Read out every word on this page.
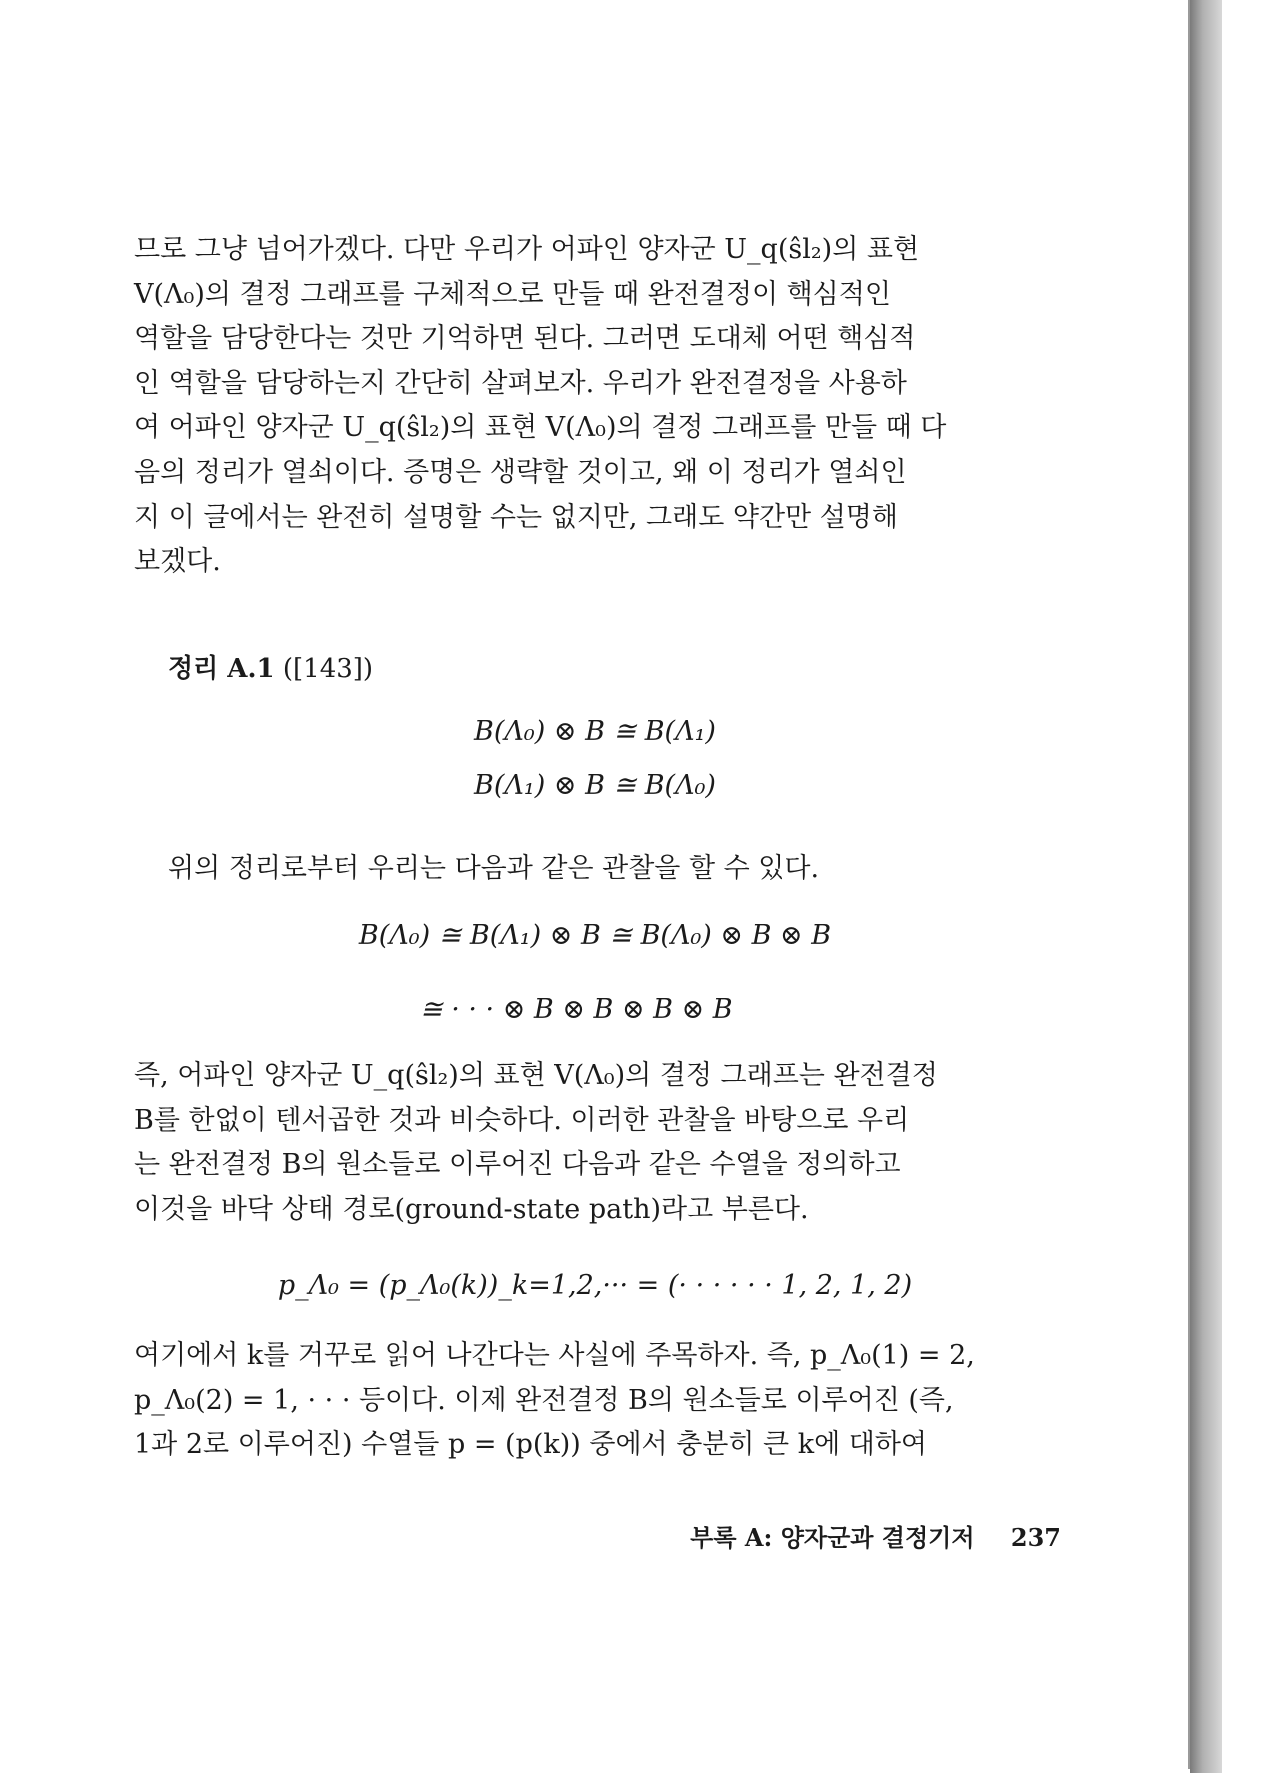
므로 그냥 넘어가겠다. 다만 우리가 어파인 양자군 U_q(ŝl₂)의 표현

V(Λ₀)의 결정 그래프를 구체적으로 만들 때 완전결정이 핵심적인

역할을 담당한다는 것만 기억하면 된다. 그러면 도대체 어떤 핵심적

인 역할을 담당하는지 간단히 살펴보자. 우리가 완전결정을 사용하

여 어파인 양자군 U_q(ŝl₂)의 표현 V(Λ₀)의 결정 그래프를 만들 때 다

음의 정리가 열쇠이다. 증명은 생략할 것이고, 왜 이 정리가 열쇠인

지 이 글에서는 완전히 설명할 수는 없지만, 그래도 약간만 설명해

보겠다.

정리 A.1 ([143])
B(Λ₀) ⊗ B ≅ B(Λ₁)
B(Λ₁) ⊗ B ≅ B(Λ₀)
위의 정리로부터 우리는 다음과 같은 관찰을 할 수 있다.
B(Λ₀) ≅ B(Λ₁) ⊗ B ≅ B(Λ₀) ⊗ B ⊗ B
≅ · · · ⊗ B ⊗ B ⊗ B ⊗ B

즉, 어파인 양자군 U_q(ŝl₂)의 표현 V(Λ₀)의 결정 그래프는 완전결정

B를 한없이 텐서곱한 것과 비슷하다. 이러한 관찰을 바탕으로 우리

는 완전결정 B의 원소들로 이루어진 다음과 같은 수열을 정의하고

이것을 바닥 상태 경로(ground-state path)라고 부른다.

p_Λ₀ = (p_Λ₀(k))_k=1,2,··· = (· · · · · · 1, 2, 1, 2)

여기에서 k를 거꾸로 읽어 나간다는 사실에 주목하자. 즉, p_Λ₀(1) = 2,

p_Λ₀(2) = 1, · · · 등이다. 이제 완전결정 B의 원소들로 이루어진 (즉,

1과 2로 이루어진) 수열들 p = (p(k)) 중에서 충분히 큰 k에 대하여

부록 A: 양자군과 결정기저 237
